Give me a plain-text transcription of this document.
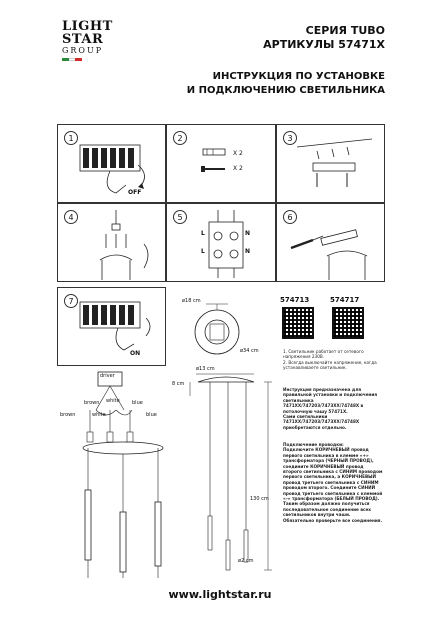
LIGHT
STAR
GROUP
СЕРИЯ TUBO
АРТИКУЛЫ 57471X
ИНСТРУКЦИЯ ПО УСТАНОВКЕ
И ПОДКЛЮЧЕНИЮ СВЕТИЛЬНИКА
1
OFF
2
X 2
X 2
3
4	5
L	N
L	N
6
7
ON
ø18 cm
ø34 cm
574713	574717
1. Светильник работает от сетевого напряжения 230В.
2. Всегда выключайте напряжение, когда устанавливаете светильник.
Инструкция предназначена для правильной установки и подключения светильника 7471XX/747203/7473XX/74748X в потолочную чашу 57471X.
Сами светильники 7471XX/747203/7473XX/74748X приобретаются отдельно.
Подключение проводки:
Подключите КОРИЧНЕВЫЙ провод первого светильника в клемме «+» трансформатора (ЧЕРНЫЙ ПРОВОД), соедините КОРИЧНЕВЫЙ провод второго светильника с СИНИМ проводом первого светильника, а КОРИЧНЕВЫЙ провод третьего светильника с СИНИМ проводом второго. Соедините СИНИЙ провод третьего светильника с клеммой «–» трансформатора (БЕЛЫЙ ПРОВОД). Таким образом должно получиться последовательное соединение всех светильников внутри чаши. Обязательно проверьте все соединения.
driver
brown white blue
brown	white	blue
ø13 cm
8 cm
130 cm
ø2 cm
www.lightstar.ru
